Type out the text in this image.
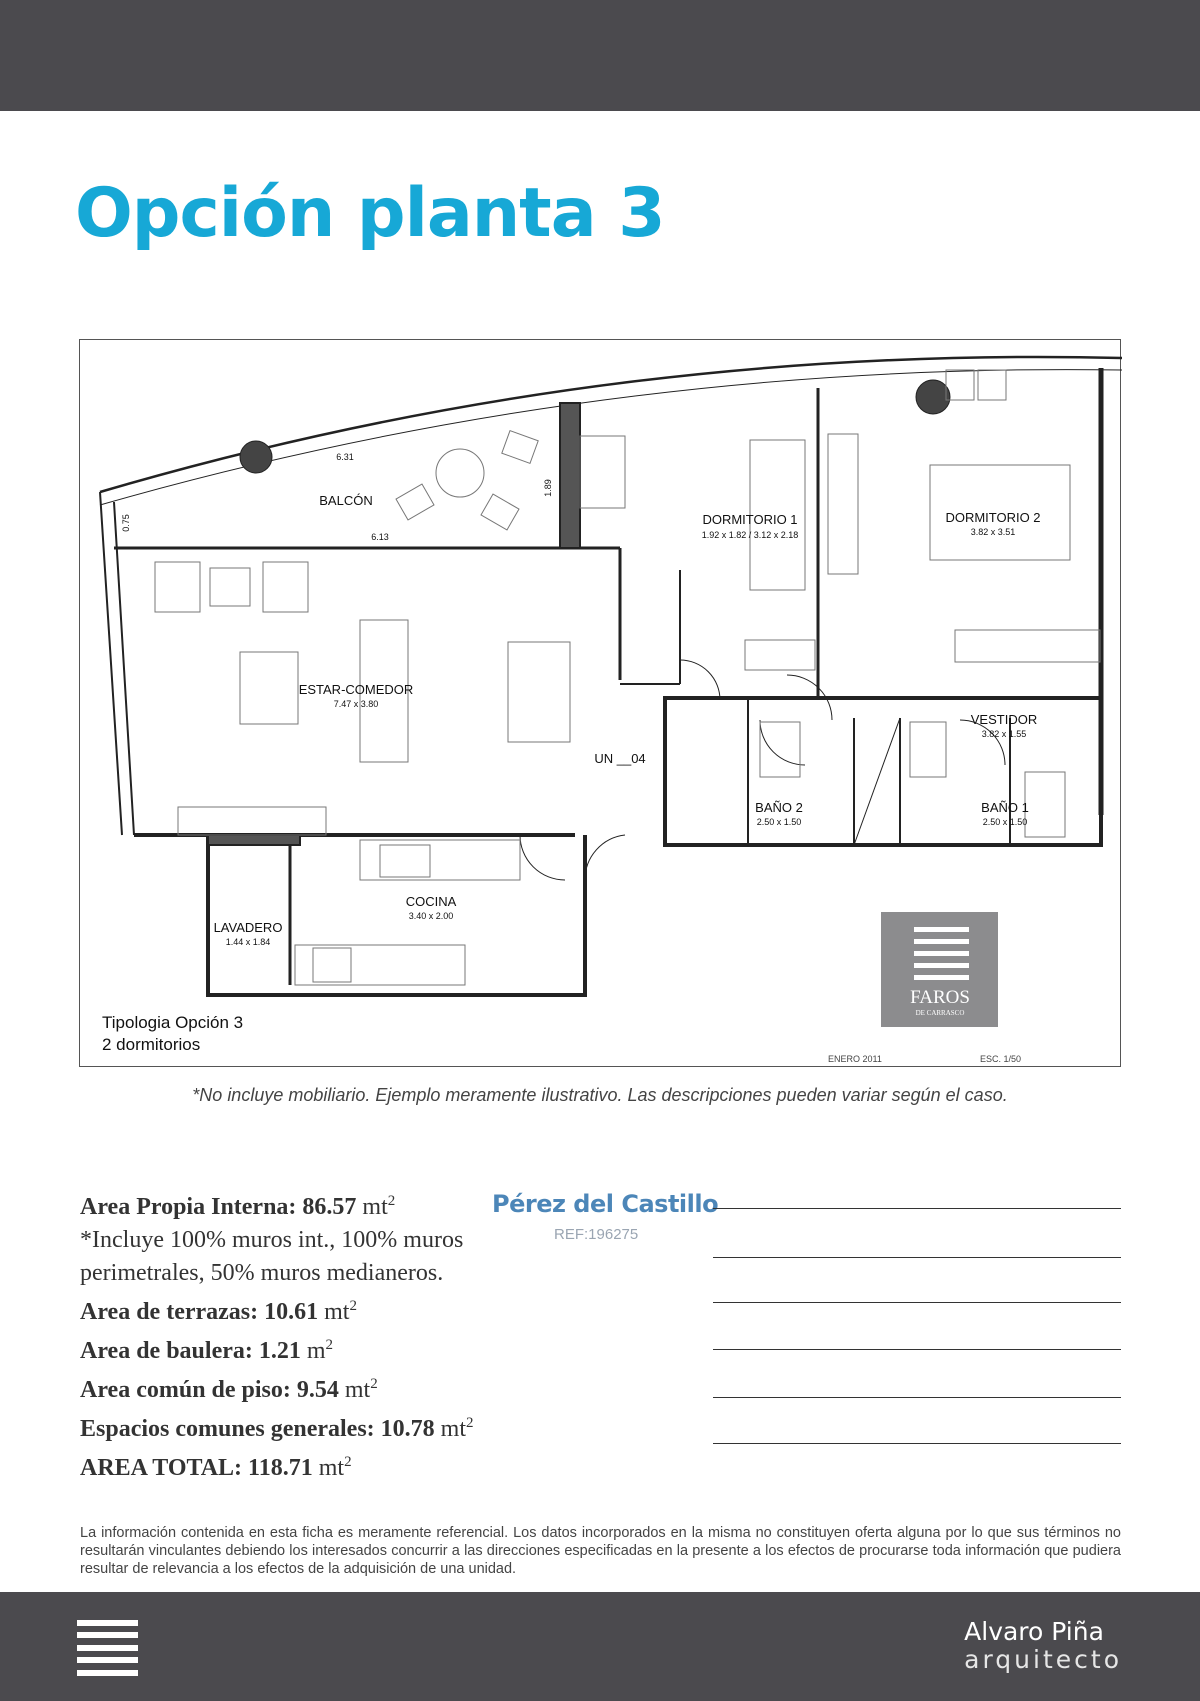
Opción planta 3
BALCÓN
DORMITORIO 1	DORMITORIO 2
ESTAR-COMEDOR
VESTIDOR
BAÑO 2	BAÑO 1
COCINA
LAVADERO
1.92 x 1.82 / 3.12 x 2.18	3.82 x 3.51
7.47 x 3.80
3.82 x 1.55
2.50 x 1.50	2.50 x 1.50
3.40 x 2.00
1.44 x 1.84
6.31
6.13
0.75
1.89
UN __04
FAROS
DE CARRASCO
Tipologia Opción 3
2 dormitorios
ENERO 2011	ESC. 1/50
*No incluye mobiliario. Ejemplo meramente ilustrativo. Las descripciones pueden variar según el caso.
Area Propia Interna: 86.57 $mt^2$
*Incluye 100% muros int., 100% muros
perimetrales, 50% muros medianeros.
Area de terrazas: 10.61 $mt^2$
Area de baulera: 1.21 $m^2$
Area común de piso: 9.54 $mt^2$
Espacios comunes generales: 10.78 $mt^2$
AREA TOTAL: 118.71 $mt^2$
Pérez del Castillo
REF:196275
La información contenida en esta ficha es meramente referencial. Los datos incorporados en la misma no constituyen oferta alguna por lo que sus términos no resultarán vinculantes debiendo los interesados concurrir a las direcciones especificadas en la presente a los efectos de procurarse toda información que pudiera resultar de relevancia a los efectos de la adquisición de una unidad.
Alvaro Piña
arquitecto
